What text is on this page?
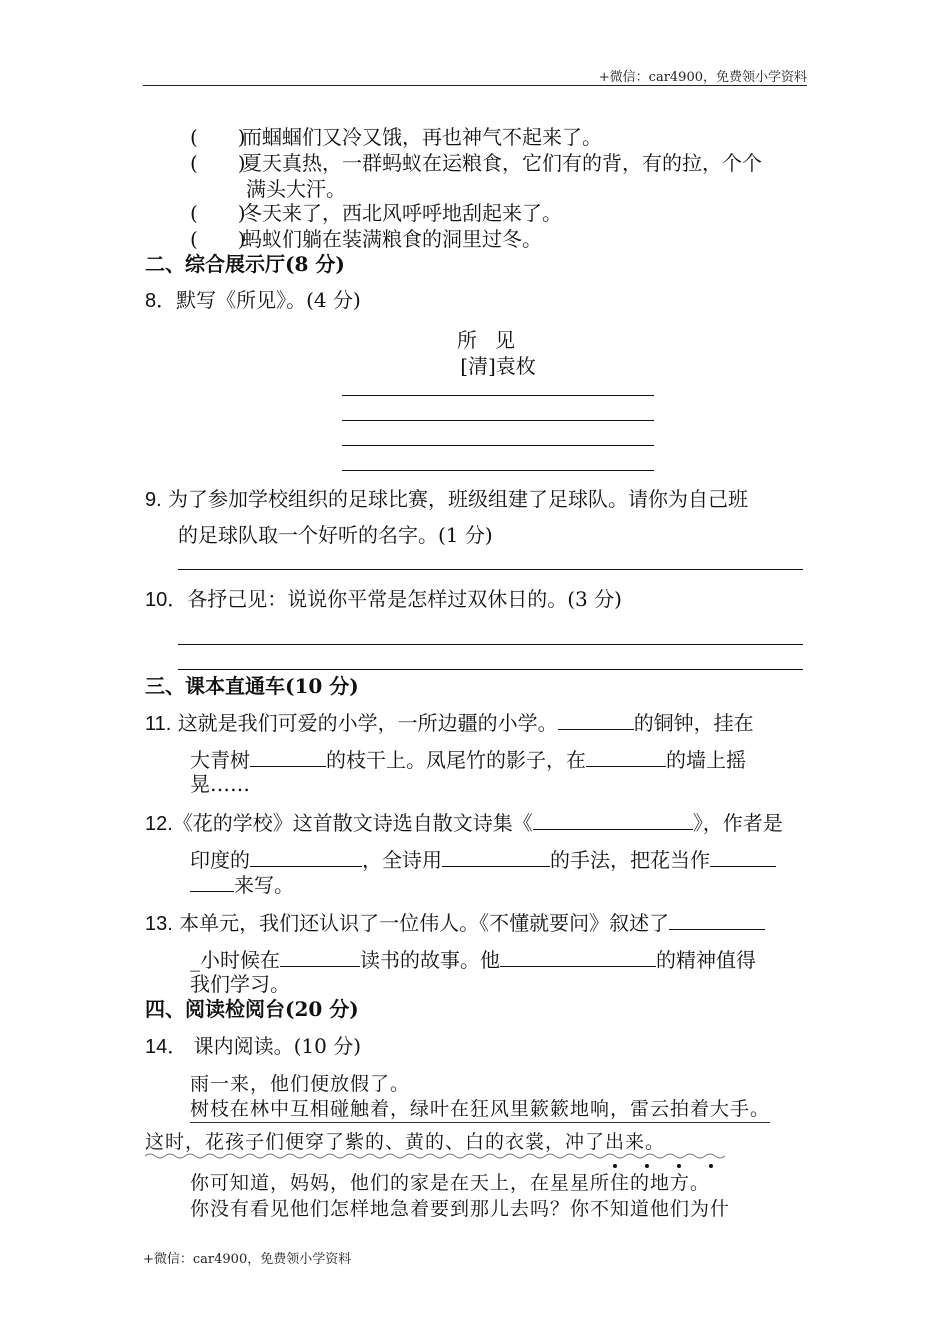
+微信：car4900，免费领小学资料
(　　)而蝈蝈们又冷又饿，再也神气不起来了。
(　　)夏天真热，一群蚂蚁在运粮食，它们有的背，有的拉，个个
满头大汗。
(　　)冬天来了，西北风呼呼地刮起来了。
(　　)蚂蚁们躺在装满粮食的洞里过冬。
二、综合展示厅(8 分)
8．默写《所见》。(4 分)
所见
[清]袁枚
9. 为了参加学校组织的足球比赛，班级组建了足球队。请你为自己班
的足球队取一个好听的名字。(1 分)
10．各抒己见：说说你平常是怎样过双休日的。(3 分)
三、课本直通车(10 分)
11. 这就是我们可爱的小学，一所边疆的小学。	的铜钟，挂在
大青树	的枝干上。凤尾竹的影子，在	的墙上摇
晃……
12.《花的学校》这首散文诗选自散文诗集《	》，作者是
印度的	，全诗用	的手法，把花当作
来写。
13. 本单元，我们还认识了一位伟人。《不懂就要问》叙述了
_小时候在	读书的故事。他	的精神值得
我们学习。
四、阅读检阅台(20 分)
14． 课内阅读。(10 分)
雨一来，他们便放假了。
树枝在林中互相碰触着，绿叶在狂风里簌簌地响，雷云拍着大手。
这时，花孩子们便穿了紫的、黄的、白的衣裳，冲了出来。
你可知道，妈妈，他们的家是在天上，在星星所住的地方。
你没有看见他们怎样地急着要到那儿去吗？你不知道他们为什
+微信：car4900，免费领小学资料
